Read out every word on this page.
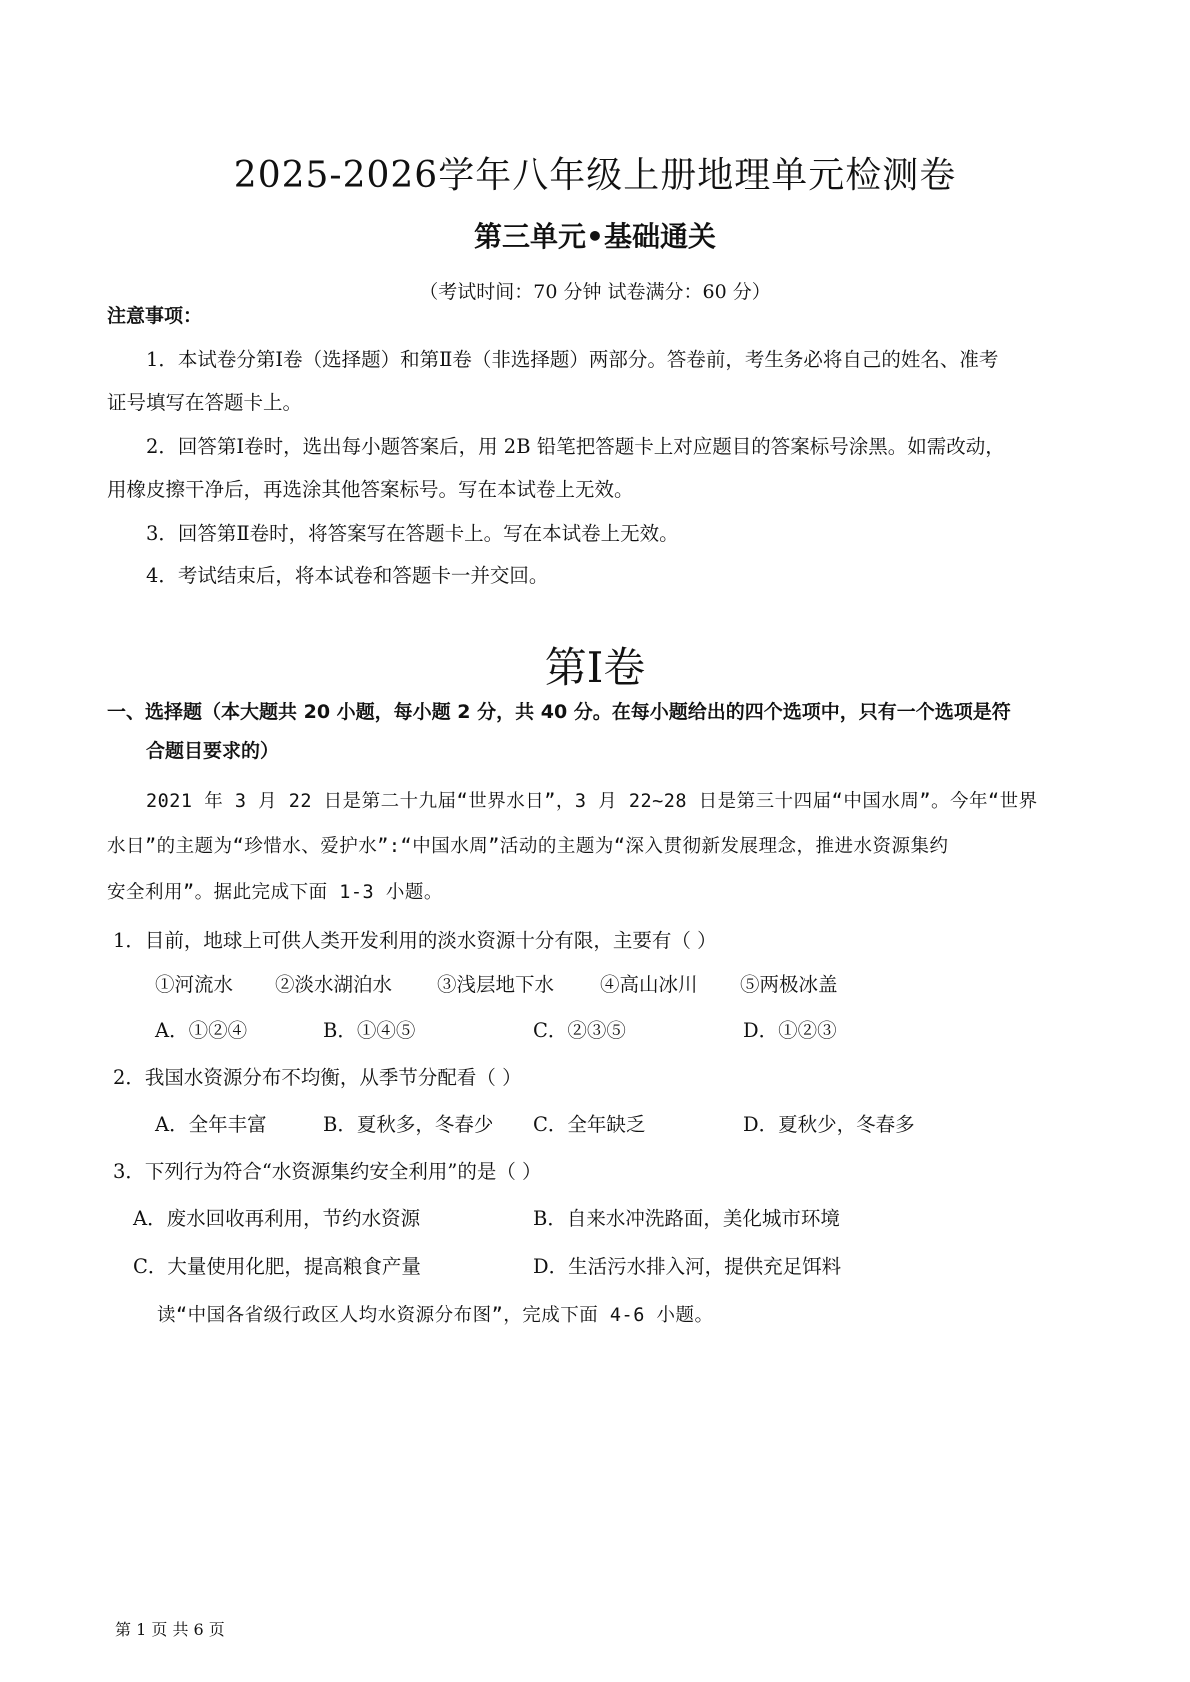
2025-2026学年八年级上册地理单元检测卷
第三单元•基础通关
（考试时间：70 分钟 试卷满分：60 分）
注意事项：
1．本试卷分第Ⅰ卷（选择题）和第Ⅱ卷（非选择题）两部分。答卷前，考生务必将自己的姓名、准考
证号填写在答题卡上。
2．回答第Ⅰ卷时，选出每小题答案后，用 2B 铅笔把答题卡上对应题目的答案标号涂黑。如需改动，
用橡皮擦干净后，再选涂其他答案标号。写在本试卷上无效。
3．回答第Ⅱ卷时，将答案写在答题卡上。写在本试卷上无效。
4．考试结束后，将本试卷和答题卡一并交回。
第Ⅰ卷
一、选择题（本大题共 20 小题，每小题 2 分，共 40 分。在每小题给出的四个选项中，只有一个选项是符
合题目要求的）
2021 年 3 月 22 日是第二十九届“世界水日”，3 月 22~28 日是第三十四届“中国水周”。今年“世界
水日”的主题为“珍惜水、爱护水”:“中国水周”活动的主题为“深入贯彻新发展理念，推进水资源集约
安全利用”。据此完成下面 1-3 小题。
1．目前，地球上可供人类开发利用的淡水资源十分有限，主要有（ ）
①河流水 ②淡水湖泊水 ③浅层地下水 ④高山冰川 ⑤两极冰盖
A．①②④	B．①④⑤	C．②③⑤	D．①②③
2．我国水资源分布不均衡，从季节分配看（ ）
A．全年丰富	B．夏秋多，冬春少 C．全年缺乏	D．夏秋少，冬春多
3．下列行为符合“水资源集约安全利用”的是（ ）
A．废水回收再利用，节约水资源	B．自来水冲洗路面，美化城市环境
C．大量使用化肥，提高粮食产量	D．生活污水排入河，提供充足饵料
读“中国各省级行政区人均水资源分布图”，完成下面 4-6 小题。
第 1 页 共 6 页
